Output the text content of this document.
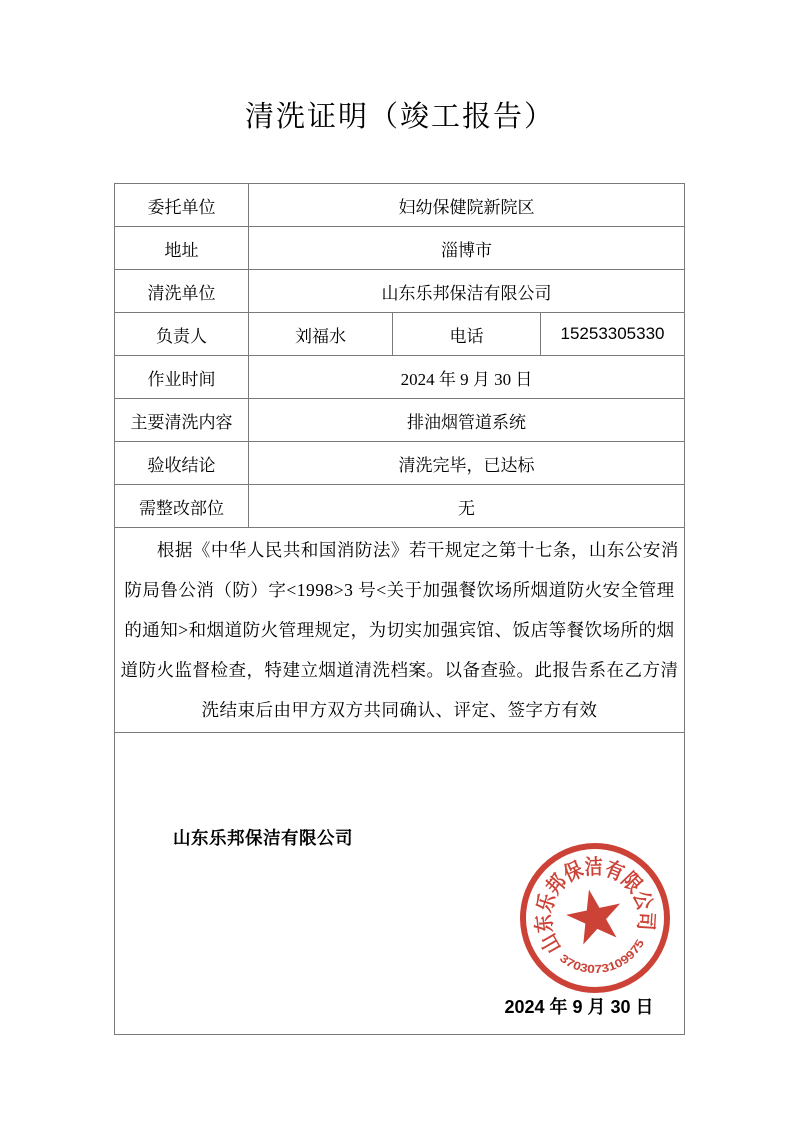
清洗证明（竣工报告）
委托单位	妇幼保健院新院区		
地址	淄博市		
清洗单位	山东乐邦保洁有限公司		
负责人	刘福水	电话	15253305330
作业时间	2024 年 9 月 30 日		
主要清洗内容	排油烟管道系统		
验收结论	清洗完毕，已达标		
需整改部位	无		

根据《中华人民共和国消防法》若干规定之第十七条，山东公安消防局鲁公消（防）字<1998>3 号<关于加强餐饮场所烟道防火安全管理的通知>和烟道防火管理规定，为切实加强宾馆、饭店等餐饮场所的烟道防火监督检查，特建立烟道清洗档案。以备查验。此报告系在乙方清洗结束后由甲方双方共同确认、评定、签字方有效			

山东乐邦保洁有限公司
山东乐邦保洁有限公司
3703073109975
2024 年 9 月 30 日			
